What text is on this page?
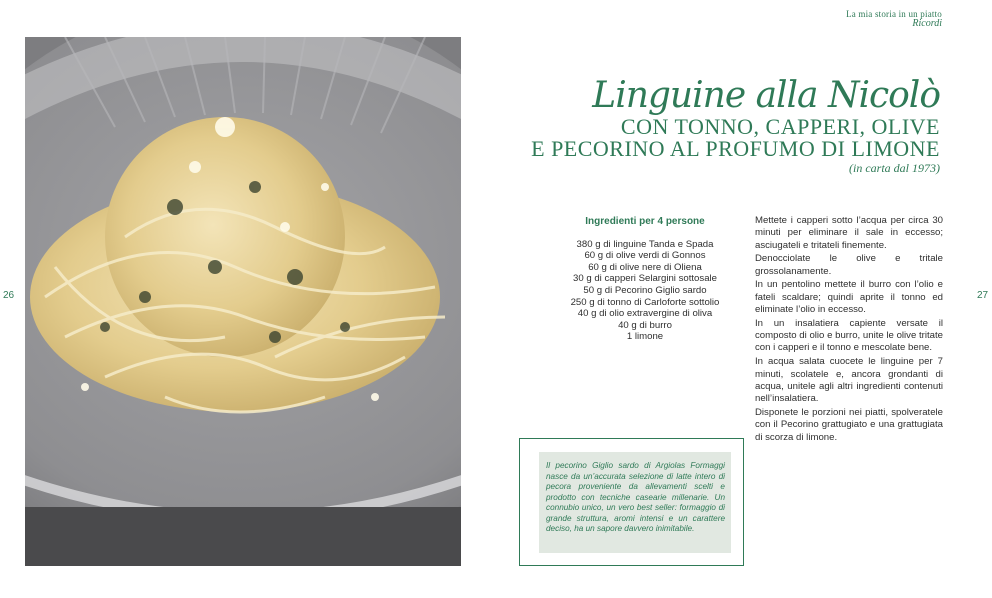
26	27
La mia storia in un piatto
Ricordi
Linguine alla Nicolò
CON TONNO, CAPPERI, OLIVE
E PECORINO AL PROFUMO DI LIMONE
(in carta dal 1973)
Ingredienti per 4 persone
380 g di linguine Tanda e Spada
60 g di olive verdi di Gonnos
60 g di olive nere di Oliena
30 g di capperi Selargini sottosale
50 g di Pecorino Giglio sardo
250 g di tonno di Carloforte sottolio
40 g di olio extravergine di oliva
40 g di burro
1 limone

Mettete i capperi sotto l’acqua per circa 30 minuti per eliminare il sale in eccesso; asciugateli e tritateli finemente.

Denocciolate le olive e tritale grossolanamente.

In un pentolino mettete il burro con l’olio e fateli scaldare; quindi aprite il tonno ed eliminate l’olio in eccesso.

In un insalatiera capiente versate il composto di olio e burro, unite le olive tritate con i capperi e il tonno e mescolate bene.

In acqua salata cuocete le linguine per 7 minuti, scolatele e, ancora grondanti di acqua, unitele agli altri ingredienti contenuti nell’insalatiera.

Disponete le porzioni nei piatti, spolveratele con il Pecorino grattugiato e una grattugiata di scorza di limone.

Il pecorino Giglio sardo di Argiolas Formaggi nasce da un’accurata selezione di latte intero di pecora proveniente da allevamenti scelti e prodotto con tecniche casearie millenarie. Un connubio unico, un vero best seller: formaggio di grande struttura, aromi intensi e un carattere deciso, ha un sapore davvero inimitabile.
